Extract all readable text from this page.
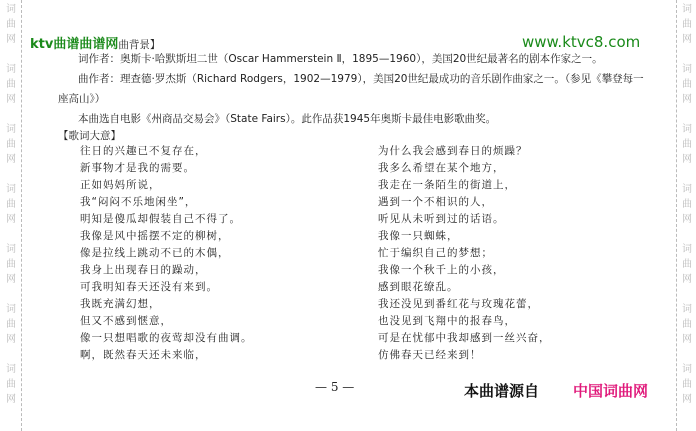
词
曲
网
词
曲
网
词
曲
网
词
曲
网
词
曲
网
词
曲
网
词
曲
网
词
曲
网
词
曲
网
词
曲
网
词
曲
网
词
曲
网
词
曲
网
词
曲
网
ktv曲谱曲谱网曲背景】	www.ktvc8.com
词作者：奥斯卡·哈默斯坦二世（Oscar Hammerstein Ⅱ，1895—1960），美国20世纪最著名的剧本作家之一。
曲作者：理查德·罗杰斯（Richard Rodgers，1902—1979），美国20世纪最成功的音乐剧作曲家之一。（参见《攀登每一
座高山》）
本曲选自电影《州商品交易会》（State Fairs）。此作品获1945年奥斯卡最佳电影歌曲奖。
【歌词大意】
往日的兴趣已不复存在，
新事物才是我的需要。
正如妈妈所说，
我“闷闷不乐地闲坐”，
明知是傻瓜却假装自己不得了。
我像是风中摇摆不定的柳树，
像是拉线上跳动不已的木偶，
我身上出现春日的躁动，
可我明知春天还没有来到。
我既充满幻想，
但又不感到惬意，
像一只想唱歌的夜莺却没有曲调。
啊，既然春天还未来临，
为什么我会感到春日的烦躁？
我多么希望在某个地方，
我走在一条陌生的街道上，
遇到一个不相识的人，
听见从未听到过的话语。
我像一只蜘蛛，
忙于编织自己的梦想；
我像一个秋千上的小孩，
感到眼花缭乱。
我还没见到番红花与玫瑰花蕾，
也没见到飞翔中的报春鸟，
可是在忧郁中我却感到一丝兴奋，
仿佛春天已经来到！
— 5 —	本曲谱源自 中国词曲网
